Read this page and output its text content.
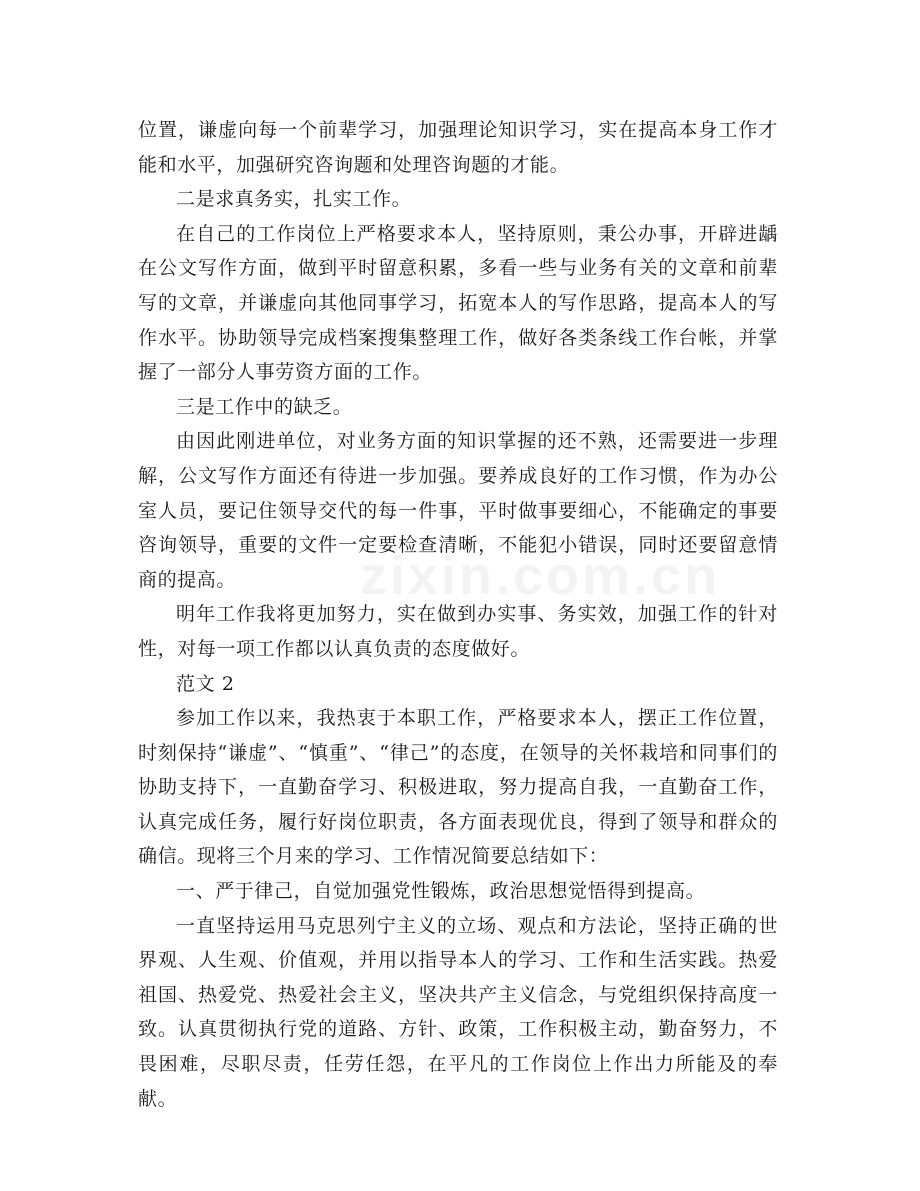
位置，谦虚向每一个前辈学习，加强理论知识学习，实在提高本身工作才能和水平，加强研究咨询题和处理咨询题的才能。

二是求真务实，扎实工作。

在自己的工作岗位上严格要求本人，坚持原则，秉公办事，开辟进龋在公文写作方面，做到平时留意积累，多看一些与业务有关的文章和前辈写的文章，并谦虚向其他同事学习，拓宽本人的写作思路，提高本人的写作水平。协助领导完成档案搜集整理工作，做好各类条线工作台帐，并掌握了一部分人事劳资方面的工作。

三是工作中的缺乏。

由因此刚进单位，对业务方面的知识掌握的还不熟，还需要进一步理解，公文写作方面还有待进一步加强。要养成良好的工作习惯，作为办公室人员，要记住领导交代的每一件事，平时做事要细心，不能确定的事要咨询领导，重要的文件一定要检查清晰，不能犯小错误，同时还要留意情商的提高。

明年工作我将更加努力，实在做到办实事、务实效，加强工作的针对性，对每一项工作都以认真负责的态度做好。

范文 2

参加工作以来，我热衷于本职工作，严格要求本人，摆正工作位置，时刻保持“谦虚”、“慎重”、“律己”的态度，在领导的关怀栽培和同事们的协助支持下，一直勤奋学习、积极进取，努力提高自我，一直勤奋工作，认真完成任务，履行好岗位职责，各方面表现优良，得到了领导和群众的确信。现将三个月来的学习、工作情况简要总结如下：

一、严于律己，自觉加强党性锻炼，政治思想觉悟得到提高。

一直坚持运用马克思列宁主义的立场、观点和方法论，坚持正确的世界观、人生观、价值观，并用以指导本人的学习、工作和生活实践。热爱祖国、热爱党、热爱社会主义，坚决共产主义信念，与党组织保持高度一致。认真贯彻执行党的道路、方针、政策，工作积极主动，勤奋努力，不畏困难，尽职尽责，任劳任怨，在平凡的工作岗位上作出力所能及的奉献。
